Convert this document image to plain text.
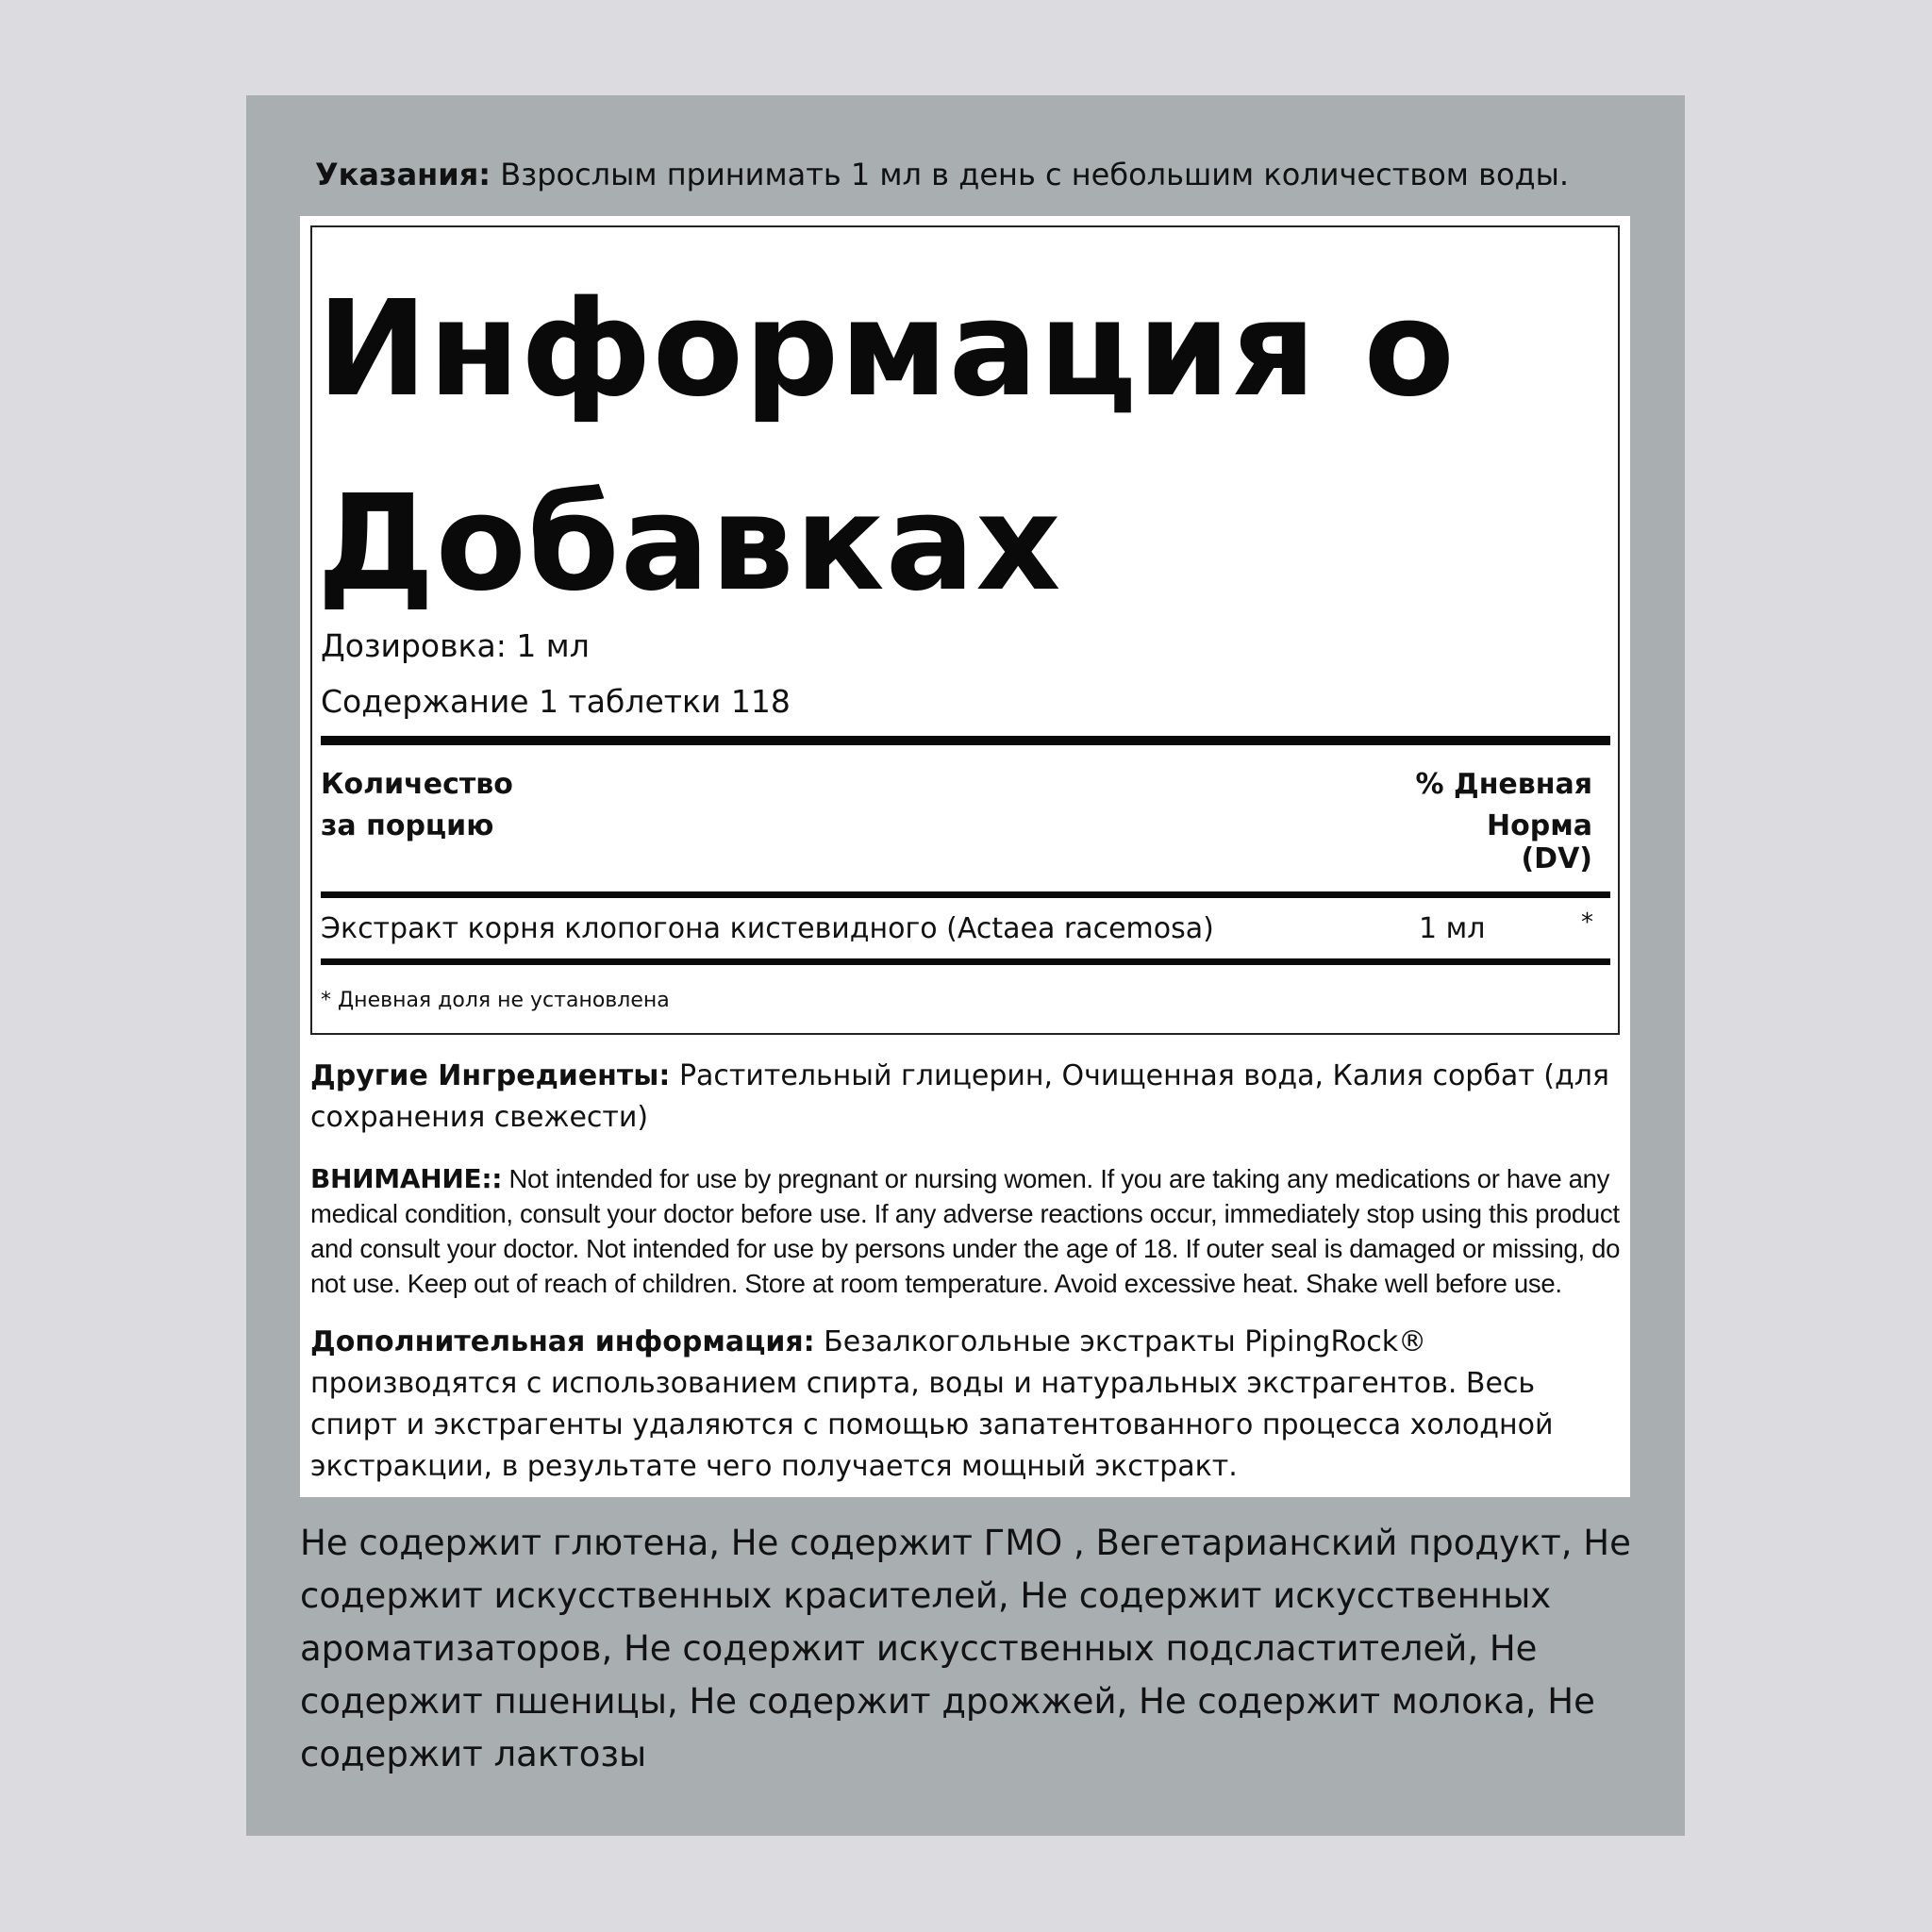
Указания: Взрослым принимать 1 мл в день с небольшим количеством воды.
Информация о Добавках
Дозировка: 1 мл
Содержание 1 таблетки 118
Количество
за порцию
% Дневная
Норма
(DV)
Экстракт корня клопогона кистевидного (Actaea racemosa)	1 мл	*
* Дневная доля не установлена
Другие Ингредиенты: Растительный глицерин, Очищенная вода, Калия сорбат (для сохранения свежести)
ВНИМАНИЕ:: Not intended for use by pregnant or nursing women. If you are taking any medications or have any medical condition, consult your doctor before use. If any adverse reactions occur, immediately stop using this product and consult your doctor. Not intended for use by persons under the age of 18. If outer seal is damaged or missing, do not use. Keep out of reach of children. Store at room temperature. Avoid excessive heat. Shake well before use.
Дополнительная информация: Безалкогольные экстракты PipingRock® производятся с использованием спирта, воды и натуральных экстрагентов. Весь спирт и экстрагенты удаляются с помощью запатентованного процесса холодной экстракции, в результате чего получается мощный экстракт.
Не содержит глютена, Не содержит ГМО , Вегетарианский продукт, Не содержит искусственных красителей, Не содержит искусственных ароматизаторов, Не содержит искусственных подсластителей, Не содержит пшеницы, Не содержит дрожжей, Не содержит молока, Не содержит лактозы
